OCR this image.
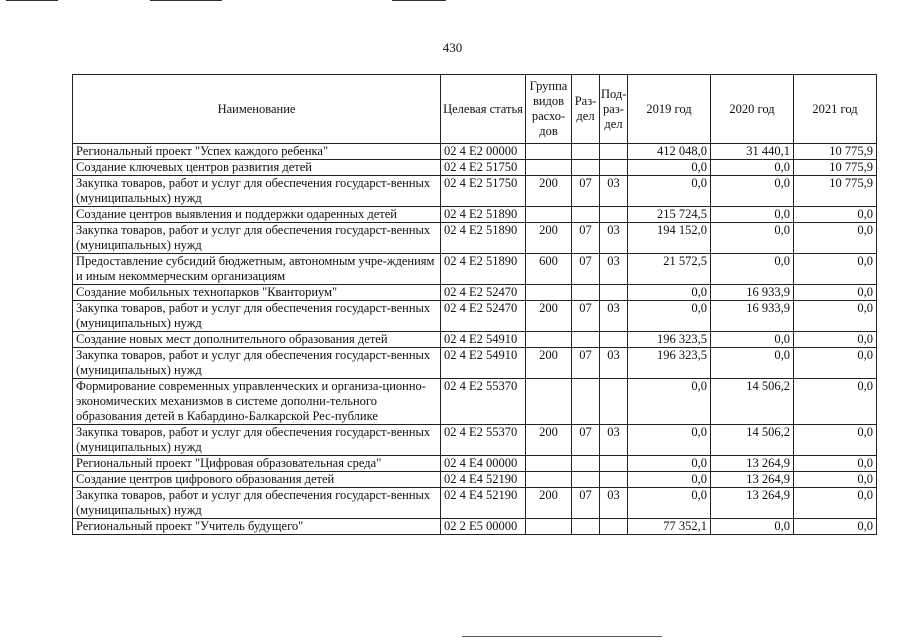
430
Наименование	Целевая статья	Группа видов расхо-дов	Раз-дел	Под-раз-дел	2019 год	2020 год	2021 год
Региональный проект "Успех каждого ребенка"	02 4 E2 00000				412 048,0	31 440,1	10 775,9
Создание ключевых центров развития детей	02 4 E2 51750				0,0	0,0	10 775,9
Закупка товаров, работ и услуг для обеспечения государст-венных (муниципальных) нужд	02 4 E2 51750	200	07	03	0,0	0,0	10 775,9
Создание центров выявления и поддержки одаренных детей	02 4 E2 51890				215 724,5	0,0	0,0
Закупка товаров, работ и услуг для обеспечения государст-венных (муниципальных) нужд	02 4 E2 51890	200	07	03	194 152,0	0,0	0,0
Предоставление субсидий бюджетным, автономным учре-ждениям и иным некоммерческим организациям	02 4 E2 51890	600	07	03	21 572,5	0,0	0,0
Создание мобильных технопарков "Кванториум"	02 4 E2 52470				0,0	16 933,9	0,0
Закупка товаров, работ и услуг для обеспечения государст-венных (муниципальных) нужд	02 4 E2 52470	200	07	03	0,0	16 933,9	0,0
Создание новых мест дополнительного образования детей	02 4 E2 54910				196 323,5	0,0	0,0
Закупка товаров, работ и услуг для обеспечения государст-венных (муниципальных) нужд	02 4 E2 54910	200	07	03	196 323,5	0,0	0,0
Формирование современных управленческих и организа-ционно-экономических механизмов в системе дополни-тельного образования детей в Кабардино-Балкарской Рес-публике	02 4 E2 55370				0,0	14 506,2	0,0
Закупка товаров, работ и услуг для обеспечения государст-венных (муниципальных) нужд	02 4 E2 55370	200	07	03	0,0	14 506,2	0,0
Региональный проект "Цифровая образовательная среда"	02 4 E4 00000				0,0	13 264,9	0,0
Создание центров цифрового образования детей	02 4 E4 52190				0,0	13 264,9	0,0
Закупка товаров, работ и услуг для обеспечения государст-венных (муниципальных) нужд	02 4 E4 52190	200	07	03	0,0	13 264,9	0,0
Региональный проект "Учитель будущего"	02 2 E5 00000				77 352,1	0,0	0,0
